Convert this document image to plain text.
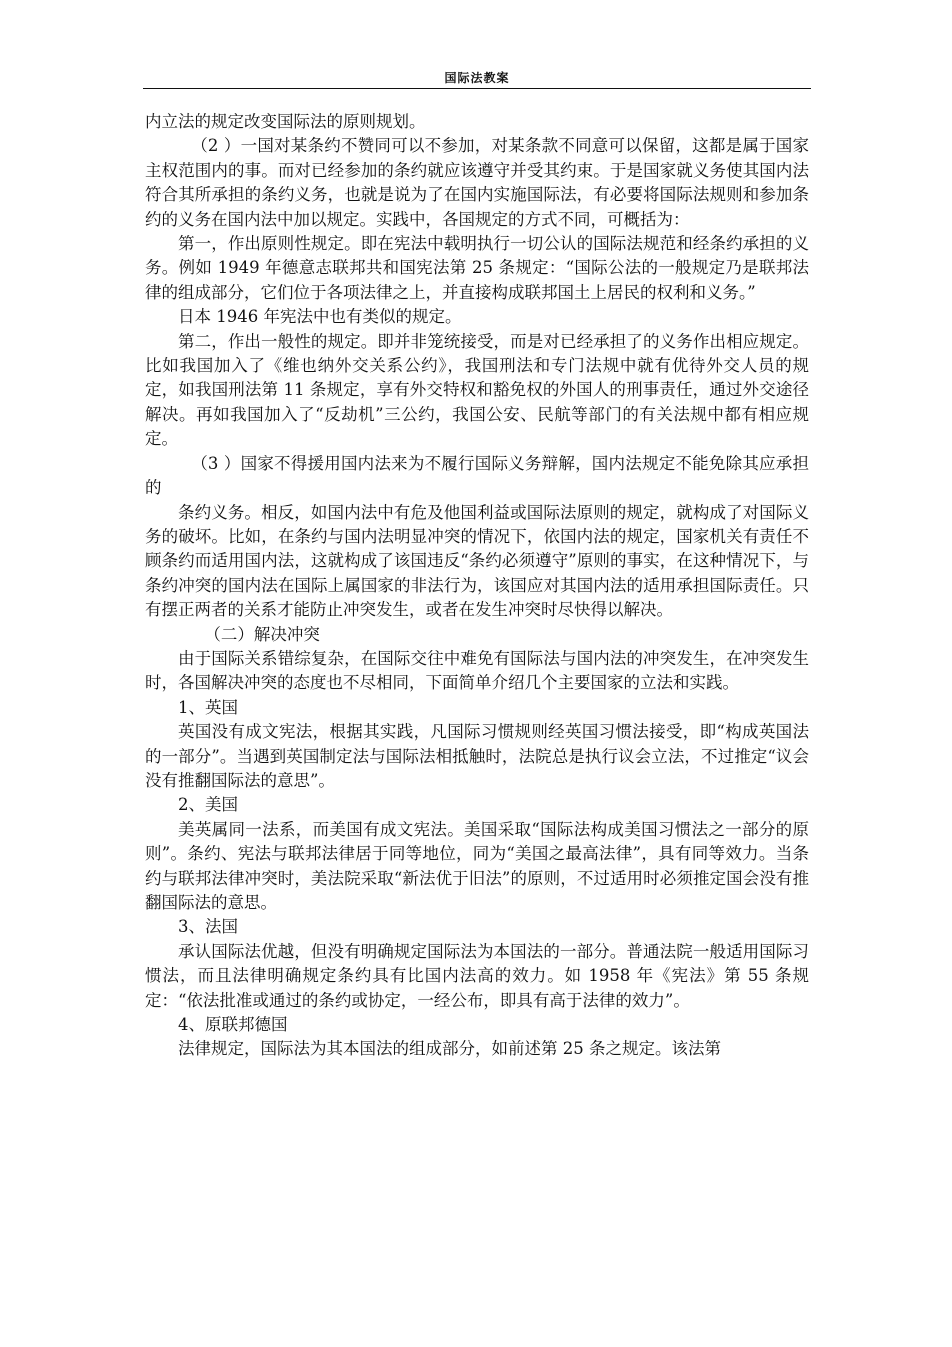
国际法教案

内立法的规定改变国际法的原则规划。

（2 ）一国对某条约不赞同可以不参加，对某条款不同意可以保留，这都是属于国家主权范围内的事。而对已经参加的条约就应该遵守并受其约束。于是国家就义务使其国内法符合其所承担的条约义务，也就是说为了在国内实施国际法，有必要将国际法规则和参加条约的义务在国内法中加以规定。实践中，各国规定的方式不同，可概括为：

第一，作出原则性规定。即在宪法中载明执行一切公认的国际法规范和经条约承担的义务。例如 1949 年德意志联邦共和国宪法第 25 条规定：“国际公法的一般规定乃是联邦法律的组成部分，它们位于各项法律之上，并直接构成联邦国土上居民的权利和义务。”

日本 1946 年宪法中也有类似的规定。

第二，作出一般性的规定。即并非笼统接受，而是对已经承担了的义务作出相应规定。比如我国加入了《维也纳外交关系公约》，我国刑法和专门法规中就有优待外交人员的规定，如我国刑法第 11 条规定，享有外交特权和豁免权的外国人的刑事责任，通过外交途径解决。再如我国加入了“反劫机”三公约，我国公安、民航等部门的有关法规中都有相应规定。

（3 ）国家不得援用国内法来为不履行国际义务辩解，国内法规定不能免除其应承担的

条约义务。相反，如国内法中有危及他国利益或国际法原则的规定，就构成了对国际义务的破坏。比如，在条约与国内法明显冲突的情况下，依国内法的规定，国家机关有责任不顾条约而适用国内法，这就构成了该国违反“条约必须遵守”原则的事实，在这种情况下，与条约冲突的国内法在国际上属国家的非法行为，该国应对其国内法的适用承担国际责任。只有摆正两者的关系才能防止冲突发生，或者在发生冲突时尽快得以解决。

（二）解决冲突

由于国际关系错综复杂，在国际交往中难免有国际法与国内法的冲突发生，在冲突发生时，各国解决冲突的态度也不尽相同，下面简单介绍几个主要国家的立法和实践。

1、英国

英国没有成文宪法，根据其实践，凡国际习惯规则经英国习惯法接受，即“构成英国法的一部分”。当遇到英国制定法与国际法相抵触时，法院总是执行议会立法，不过推定“议会没有推翻国际法的意思”。

2、美国

美英属同一法系，而美国有成文宪法。美国采取“国际法构成美国习惯法之一部分的原则”。条约、宪法与联邦法律居于同等地位，同为“美国之最高法律”，具有同等效力。当条约与联邦法律冲突时，美法院采取“新法优于旧法”的原则，不过适用时必须推定国会没有推翻国际法的意思。

3、法国

承认国际法优越，但没有明确规定国际法为本国法的一部分。普通法院一般适用国际习惯法，而且法律明确规定条约具有比国内法高的效力。如 1958 年《宪法》第 55 条规定：“依法批准或通过的条约或协定，一经公布，即具有高于法律的效力”。

4、原联邦德国

法律规定，国际法为其本国法的组成部分，如前述第 25 条之规定。该法第
